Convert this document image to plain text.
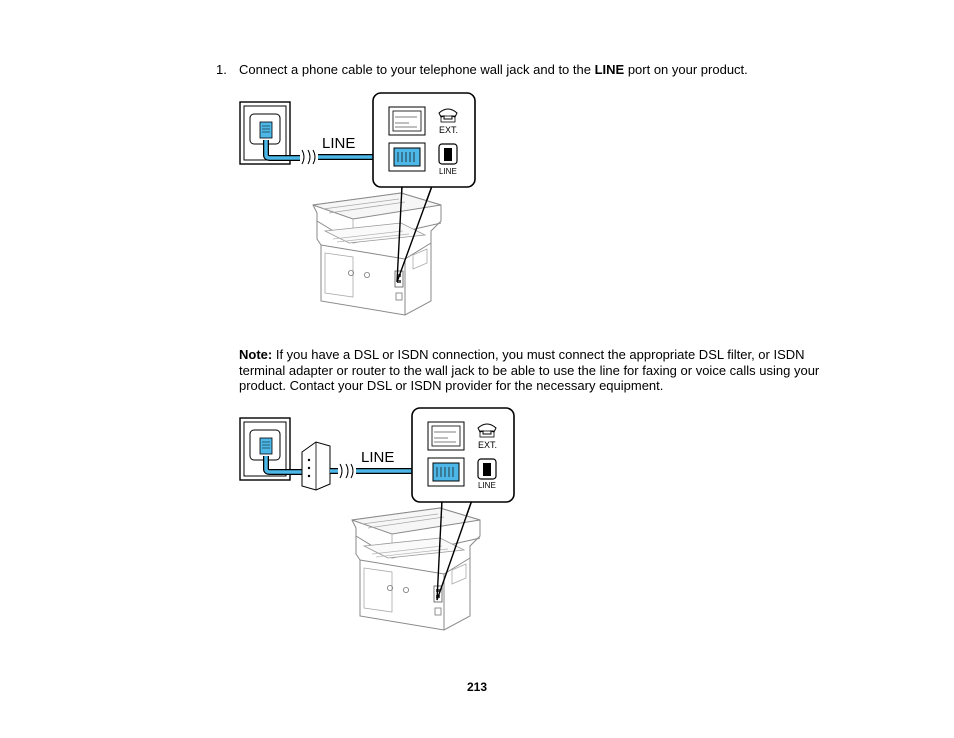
1. Connect a phone cable to your telephone wall jack and to the LINE port on your product.
Note: If you have a DSL or ISDN connection, you must connect the appropriate DSL filter, or ISDN terminal adapter or router to the wall jack to be able to use the line for faxing or voice calls using your product. Contact your DSL or ISDN provider for the necessary equipment.
213
LINE
EXT.
LINE
LINE
EXT.
LINE
